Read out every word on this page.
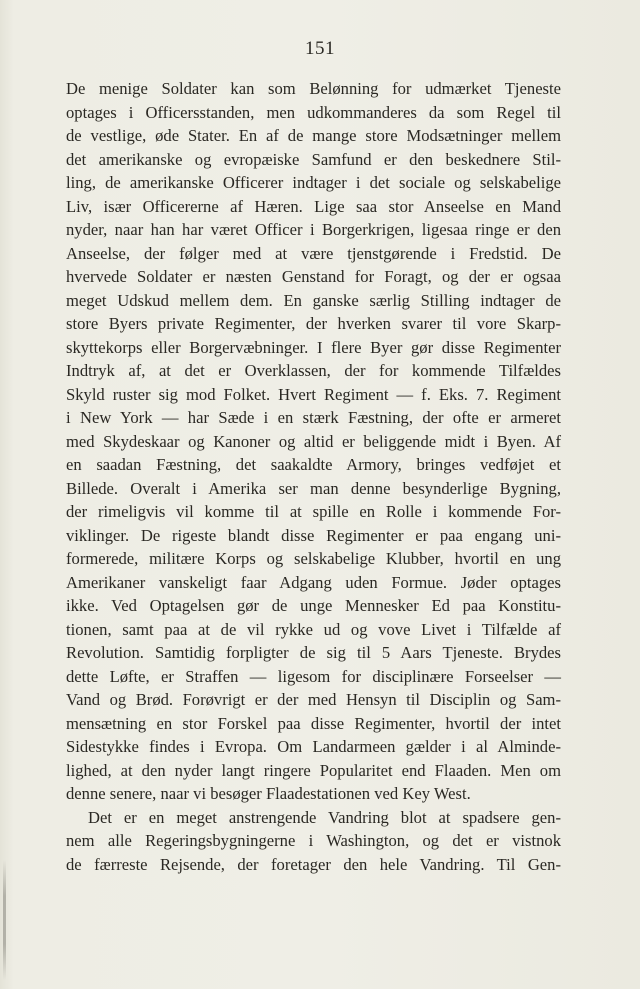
151
De menige Soldater kan som Belønning for udmærket Tjeneste
optages i Officersstanden, men udkommanderes da som Regel til
de vestlige, øde Stater. En af de mange store Modsætninger mellem
det amerikanske og evropæiske Samfund er den beskednere Stil-
ling, de amerikanske Officerer indtager i det sociale og selskabelige
Liv, især Officererne af Hæren. Lige saa stor Anseelse en Mand
nyder, naar han har været Officer i Borgerkrigen, ligesaa ringe er den
Anseelse, der følger med at være tjenstgørende i Fredstid. De
hvervede Soldater er næsten Genstand for Foragt, og der er ogsaa
meget Udskud mellem dem. En ganske særlig Stilling indtager de
store Byers private Regimenter, der hverken svarer til vore Skarp-
skyttekorps eller Borgervæbninger. I flere Byer gør disse Regimenter
Indtryk af, at det er Overklassen, der for kommende Tilfældes
Skyld ruster sig mod Folket. Hvert Regiment — f. Eks. 7. Regiment
i New York — har Sæde i en stærk Fæstning, der ofte er armeret
med Skydeskaar og Kanoner og altid er beliggende midt i Byen. Af
en saadan Fæstning, det saakaldte Armory, bringes vedføjet et
Billede. Overalt i Amerika ser man denne besynderlige Bygning,
der rimeligvis vil komme til at spille en Rolle i kommende For-
viklinger. De rigeste blandt disse Regimenter er paa engang uni-
formerede, militære Korps og selskabelige Klubber, hvortil en ung
Amerikaner vanskeligt faar Adgang uden Formue. Jøder optages
ikke. Ved Optagelsen gør de unge Mennesker Ed paa Konstitu-
tionen, samt paa at de vil rykke ud og vove Livet i Tilfælde af
Revolution. Samtidig forpligter de sig til 5 Aars Tjeneste. Brydes
dette Løfte, er Straffen — ligesom for disciplinære Forseelser —
Vand og Brød. Forøvrigt er der med Hensyn til Disciplin og Sam-
mensætning en stor Forskel paa disse Regimenter, hvortil der intet
Sidestykke findes i Evropa. Om Landarmeen gælder i al Alminde-
lighed, at den nyder langt ringere Popularitet end Flaaden. Men om
denne senere, naar vi besøger Flaadestationen ved Key West.
Det er en meget anstrengende Vandring blot at spadsere gen-
nem alle Regeringsbygningerne i Washington, og det er vistnok
de færreste Rejsende, der foretager den hele Vandring. Til Gen-
